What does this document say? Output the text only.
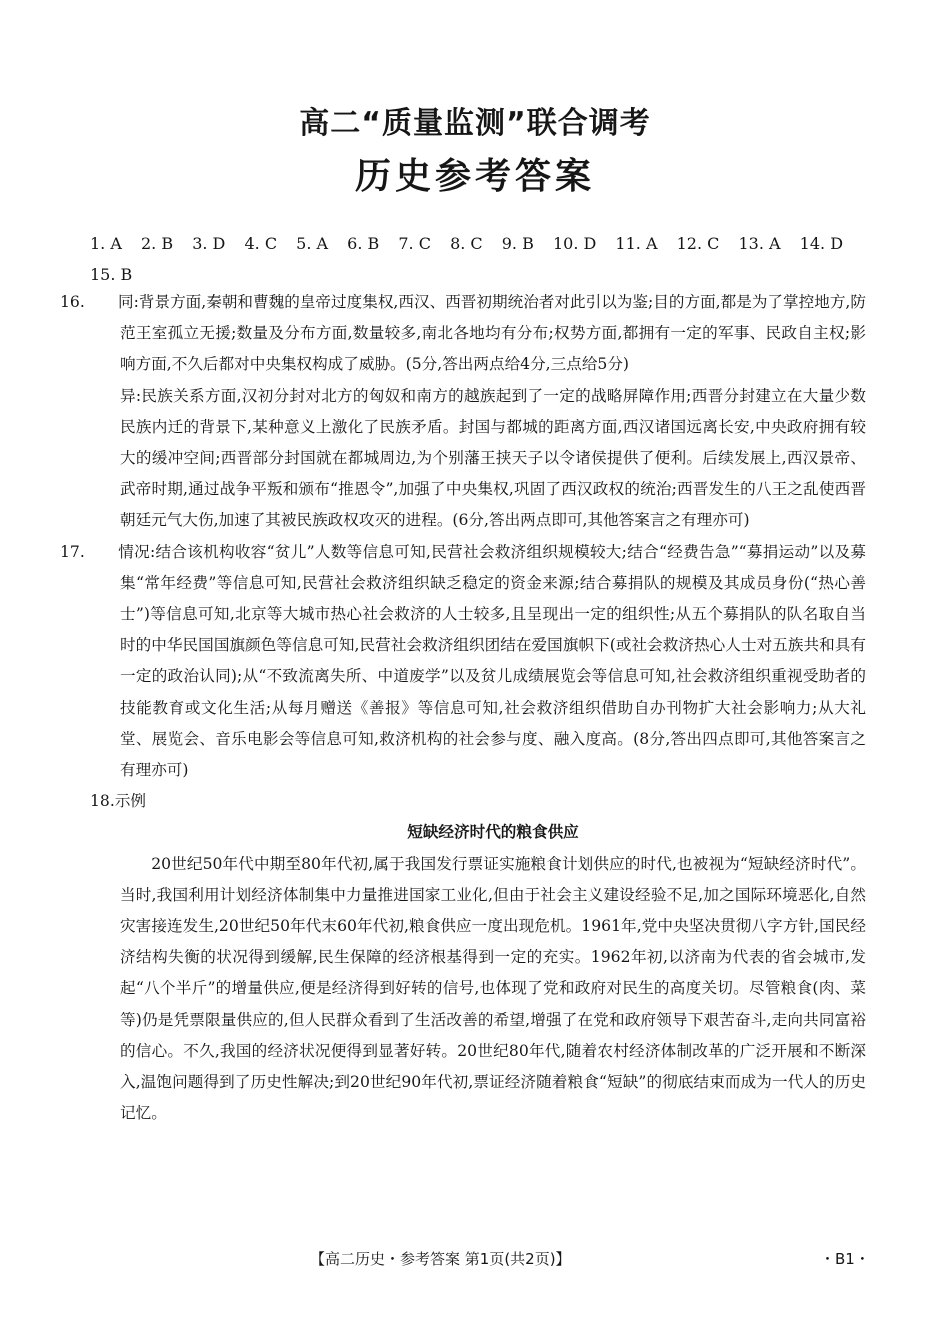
高二“质量监测”联合调考
历史参考答案
1. A 2. B 3. D 4. C 5. A 6. B 7. C 8. C 9. B 10. D 11. A 12. C 13. A 14. D
15. B

16. 同:背景方面,秦朝和曹魏的皇帝过度集权,西汉、西晋初期统治者对此引以为鉴;目的方面,都是为了掌控地方,防范王室孤立无援;数量及分布方面,数量较多,南北各地均有分布;权势方面,都拥有一定的军事、民政自主权;影响方面,不久后都对中央集权构成了威胁。(5分,答出两点给4分,三点给5分)

异:民族关系方面,汉初分封对北方的匈奴和南方的越族起到了一定的战略屏障作用;西晋分封建立在大量少数民族内迁的背景下,某种意义上激化了民族矛盾。封国与都城的距离方面,西汉诸国远离长安,中央政府拥有较大的缓冲空间;西晋部分封国就在都城周边,为个别藩王挟天子以令诸侯提供了便利。后续发展上,西汉景帝、武帝时期,通过战争平叛和颁布“推恩令”,加强了中央集权,巩固了西汉政权的统治;西晋发生的八王之乱使西晋朝廷元气大伤,加速了其被民族政权攻灭的进程。(6分,答出两点即可,其他答案言之有理亦可)

17. 情况:结合该机构收容“贫儿”人数等信息可知,民营社会救济组织规模较大;结合“经费告急”“募捐运动”以及募集“常年经费”等信息可知,民营社会救济组织缺乏稳定的资金来源;结合募捐队的规模及其成员身份(“热心善士”)等信息可知,北京等大城市热心社会救济的人士较多,且呈现出一定的组织性;从五个募捐队的队名取自当时的中华民国国旗颜色等信息可知,民营社会救济组织团结在爱国旗帜下(或社会救济热心人士对五族共和具有一定的政治认同);从“不致流离失所、中道废学”以及贫儿成绩展览会等信息可知,社会救济组织重视受助者的技能教育或文化生活;从每月赠送《善报》等信息可知,社会救济组织借助自办刊物扩大社会影响力;从大礼堂、展览会、音乐电影会等信息可知,救济机构的社会参与度、融入度高。(8分,答出四点即可,其他答案言之有理亦可)

18.示例

短缺经济时代的粮食供应

20世纪50年代中期至80年代初,属于我国发行票证实施粮食计划供应的时代,也被视为“短缺经济时代”。当时,我国利用计划经济体制集中力量推进国家工业化,但由于社会主义建设经验不足,加之国际环境恶化,自然灾害接连发生,20世纪50年代末60年代初,粮食供应一度出现危机。1961年,党中央坚决贯彻八字方针,国民经济结构失衡的状况得到缓解,民生保障的经济根基得到一定的充实。1962年初,以济南为代表的省会城市,发起“八个半斤”的增量供应,便是经济得到好转的信号,也体现了党和政府对民生的高度关切。尽管粮食(肉、菜等)仍是凭票限量供应的,但人民群众看到了生活改善的希望,增强了在党和政府领导下艰苦奋斗,走向共同富裕的信心。不久,我国的经济状况便得到显著好转。20世纪80年代,随着农村经济体制改革的广泛开展和不断深入,温饱问题得到了历史性解决;到20世纪90年代初,票证经济随着粮食“短缺”的彻底结束而成为一代人的历史记忆。

【高二历史・参考答案 第1页(共2页)】	・B1・
